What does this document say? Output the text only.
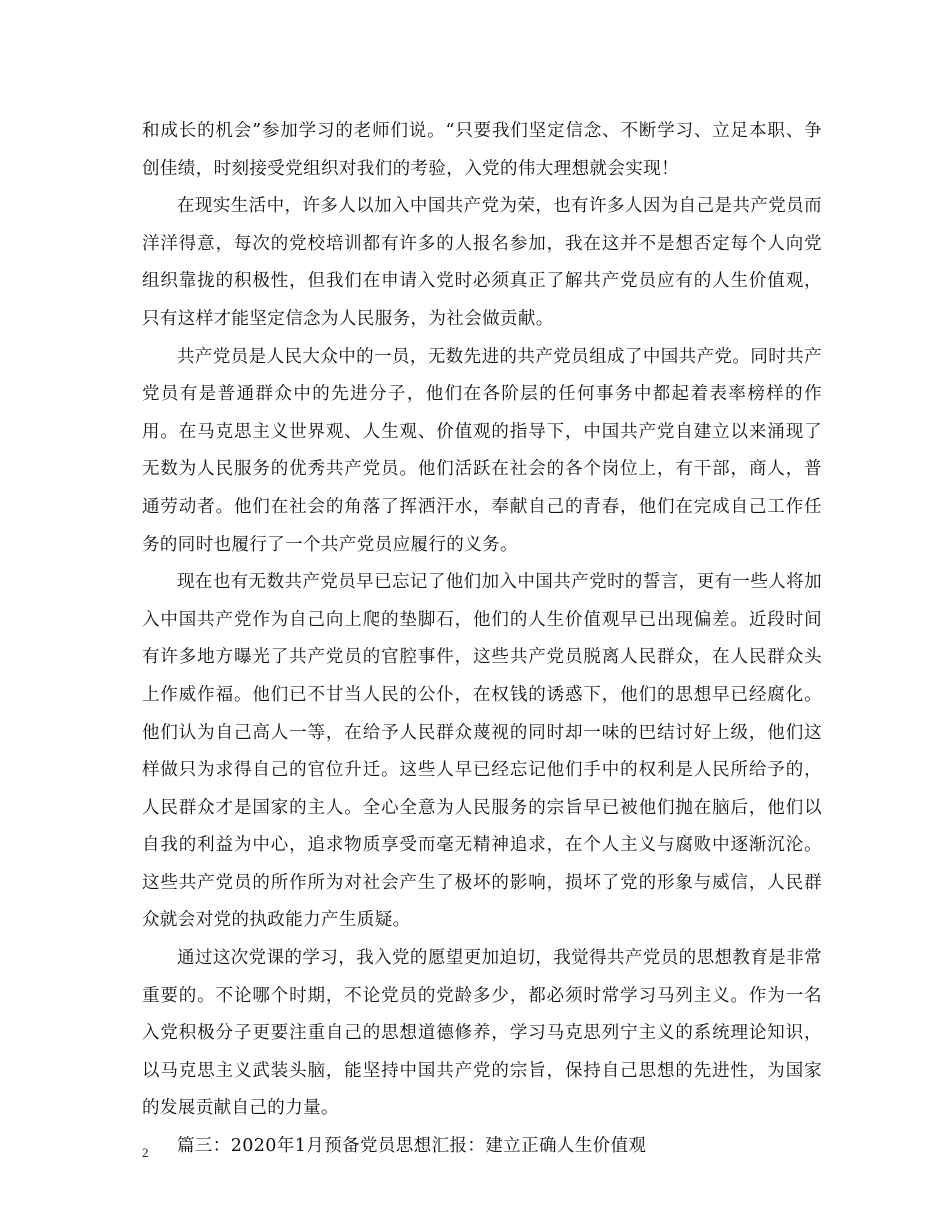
和成长的机会”参加学习的老师们说。“只要我们坚定信念、不断学习、立足本职、争创佳绩，时刻接受党组织对我们的考验，入党的伟大理想就会实现！

在现实生活中，许多人以加入中国共产党为荣，也有许多人因为自己是共产党员而洋洋得意，每次的党校培训都有许多的人报名参加，我在这并不是想否定每个人向党组织靠拢的积极性，但我们在申请入党时必须真正了解共产党员应有的人生价值观，只有这样才能坚定信念为人民服务，为社会做贡献。

共产党员是人民大众中的一员，无数先进的共产党员组成了中国共产党。同时共产党员有是普通群众中的先进分子，他们在各阶层的任何事务中都起着表率榜样的作用。在马克思主义世界观、人生观、价值观的指导下，中国共产党自建立以来涌现了无数为人民服务的优秀共产党员。他们活跃在社会的各个岗位上，有干部，商人，普通劳动者。他们在社会的角落了挥洒汗水，奉献自己的青春，他们在完成自己工作任务的同时也履行了一个共产党员应履行的义务。

现在也有无数共产党员早已忘记了他们加入中国共产党时的誓言，更有一些人将加入中国共产党作为自己向上爬的垫脚石，他们的人生价值观早已出现偏差。近段时间有许多地方曝光了共产党员的官腔事件，这些共产党员脱离人民群众，在人民群众头上作威作福。他们已不甘当人民的公仆，在权钱的诱惑下，他们的思想早已经腐化。他们认为自己高人一等，在给予人民群众蔑视的同时却一味的巴结讨好上级，他们这样做只为求得自己的官位升迁。这些人早已经忘记他们手中的权利是人民所给予的，人民群众才是国家的主人。全心全意为人民服务的宗旨早已被他们抛在脑后，他们以自我的利益为中心，追求物质享受而毫无精神追求，在个人主义与腐败中逐渐沉沦。这些共产党员的所作所为对社会产生了极坏的影响，损坏了党的形象与威信，人民群众就会对党的执政能力产生质疑。

通过这次党课的学习，我入党的愿望更加迫切，我觉得共产党员的思想教育是非常重要的。不论哪个时期，不论党员的党龄多少，都必须时常学习马列主义。作为一名入党积极分子更要注重自己的思想道德修养，学习马克思列宁主义的系统理论知识，以马克思主义武装头脑，能坚持中国共产党的宗旨，保持自己思想的先进性，为国家的发展贡献自己的力量。

篇三：2020年1月预备党员思想汇报：建立正确人生价值观

2
